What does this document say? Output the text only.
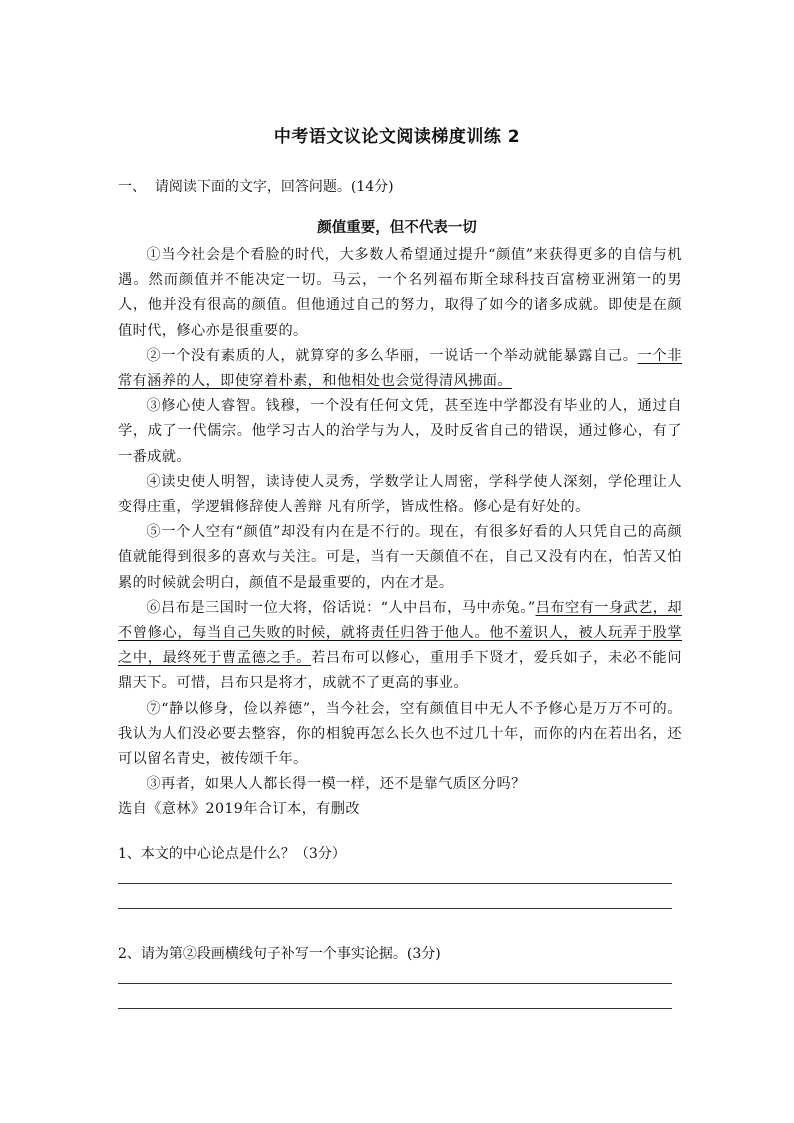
中考语文议论文阅读梯度训练 2
一、  请阅读下面的文字，回答问题。(14分)
颜值重要，但不代表一切

①当今社会是个看脸的时代，大多数人希望通过提升“颜值”来获得更多的自信与机遇。然而颜值并不能决定一切。马云，一个名列福布斯全球科技百富榜亚洲第一的男人，他并没有很高的颜值。但他通过自己的努力，取得了如今的诸多成就。即使是在颜值时代，修心亦是很重要的。

②一个没有素质的人，就算穿的多么华丽，一说话一个举动就能暴露自己。一个非常有涵养的人，即使穿着朴素，和他相处也会觉得清风拂面。

③修心使人睿智。钱穆，一个没有任何文凭，甚至连中学都没有毕业的人，通过自学，成了一代儒宗。他学习古人的治学与为人，及时反省自己的错误，通过修心，有了一番成就。

④读史使人明智，读诗使人灵秀，学数学让人周密，学科学使人深刻，学伦理让人变得庄重，学逻辑修辞使人善辩 凡有所学，皆成性格。修心是有好处的。

⑤一个人空有“颜值”却没有内在是不行的。现在，有很多好看的人只凭自己的高颜值就能得到很多的喜欢与关注。可是，当有一天颜值不在，自己又没有内在，怕苦又怕累的时候就会明白，颜值不是最重要的，内在才是。

⑥吕布是三国时一位大将，俗话说：“人中吕布，马中赤兔。”吕布空有一身武艺，却不曾修心，每当自己失败的时候，就将责任归咎于他人。他不羞识人，被人玩弄于股掌之中，最终死于曹孟德之手。若吕布可以修心，重用手下贤才，爱兵如子，未必不能问鼎天下。可惜，吕布只是将才，成就不了更高的事业。

⑦“静以修身，俭以养德”，当今社会，空有颜值目中无人不予修心是万万不可的。我认为人们没必要去整容，你的相貌再怎么长久也不过几十年，而你的内在若出名，还可以留名青史，被传颂千年。

③再者，如果人人都长得一模一样，还不是靠气质区分吗？

选自《意林》2019年合订本，有删改

1、本文的中心论点是什么？（3分）
2、请为第②段画横线句子补写一个事实论据。(3分)
